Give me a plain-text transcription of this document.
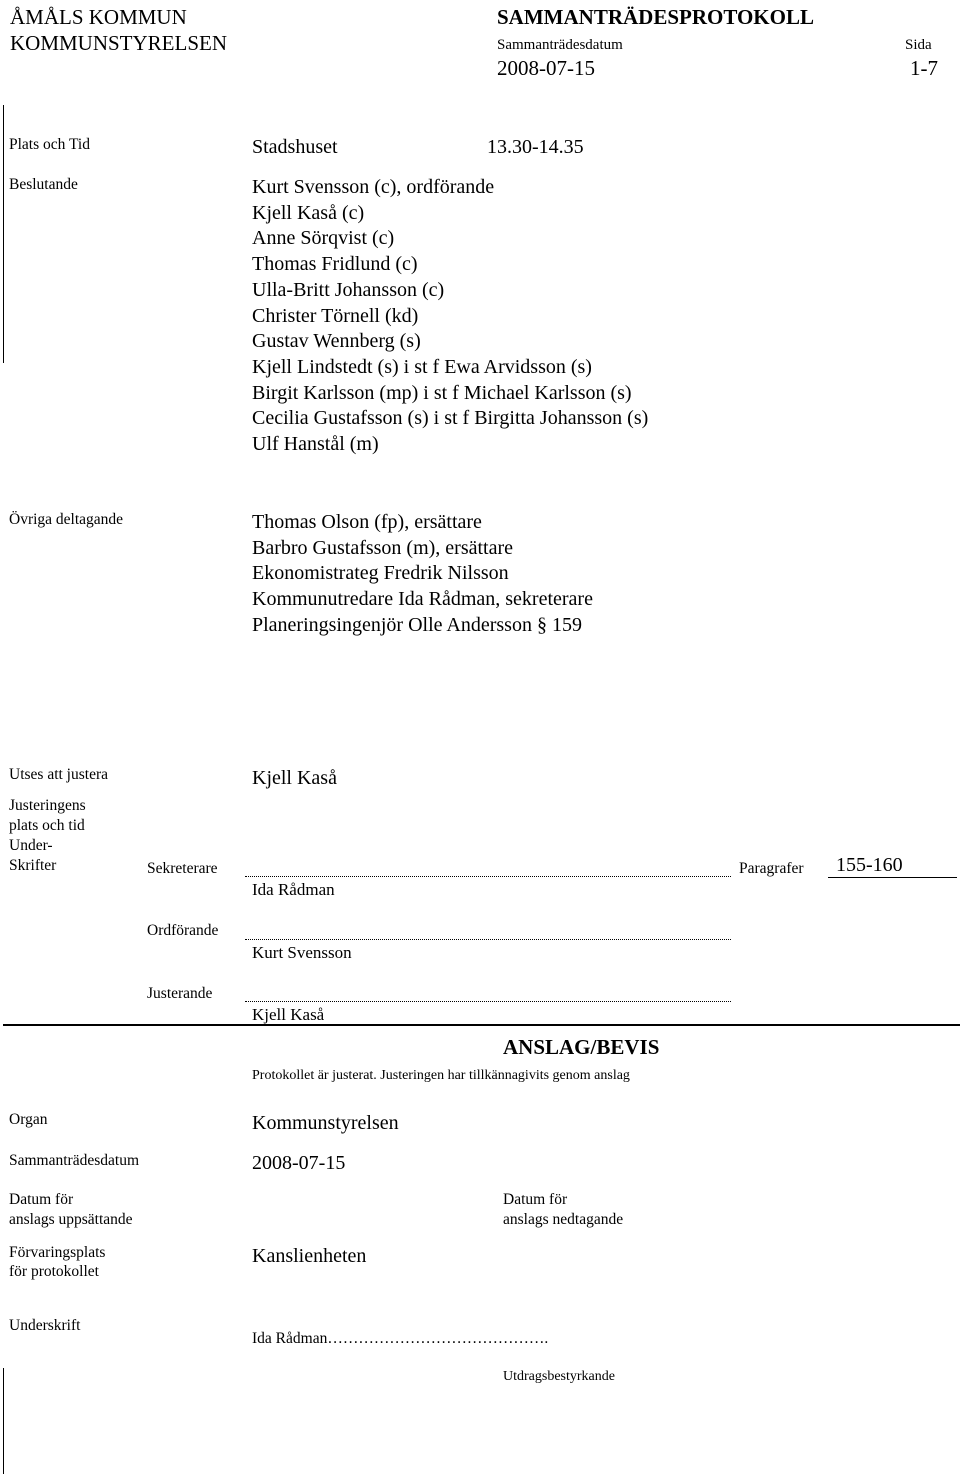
ÅMÅLS KOMMUN
KOMMUNSTYRELSEN
SAMMANTRÄDESPROTOKOLL
Sammanträdesdatum
2008-07-15
Sida
1-7
Plats och Tid	Stadshuset	13.30-14.35
Beslutande	Kurt Svensson (c), ordförande
Kjell Kaså (c)
Anne Sörqvist (c)
Thomas Fridlund (c)
Ulla-Britt Johansson (c)
Christer Törnell (kd)
Gustav Wennberg (s)
Kjell Lindstedt (s) i st f Ewa Arvidsson (s)
Birgit Karlsson (mp) i st f Michael Karlsson (s)
Cecilia Gustafsson (s) i st f Birgitta Johansson (s)
Ulf Hanstål (m)
Övriga deltagande	Thomas Olson (fp), ersättare
Barbro Gustafsson (m), ersättare
Ekonomistrateg Fredrik Nilsson
Kommunutredare Ida Rådman, sekreterare
Planeringsingenjör Olle Andersson § 159
Utses att justera	Kjell Kaså
Justeringens
plats och tid
Under-
Skrifter	Sekreterare
Ida Rådman
Paragrafer 155-160
Ordförande
Kurt Svensson
Justerande
Kjell Kaså
ANSLAG/BEVIS
Protokollet är justerat. Justeringen har tillkännagivits genom anslag
Organ	Kommunstyrelsen
Sammanträdesdatum	2008-07-15
Datum för
anslags uppsättande
Datum för
anslags nedtagande
Förvaringsplats
för protokollet
Kanslienheten
Underskrift
Ida Rådman…………………………………….
Utdragsbestyrkande
